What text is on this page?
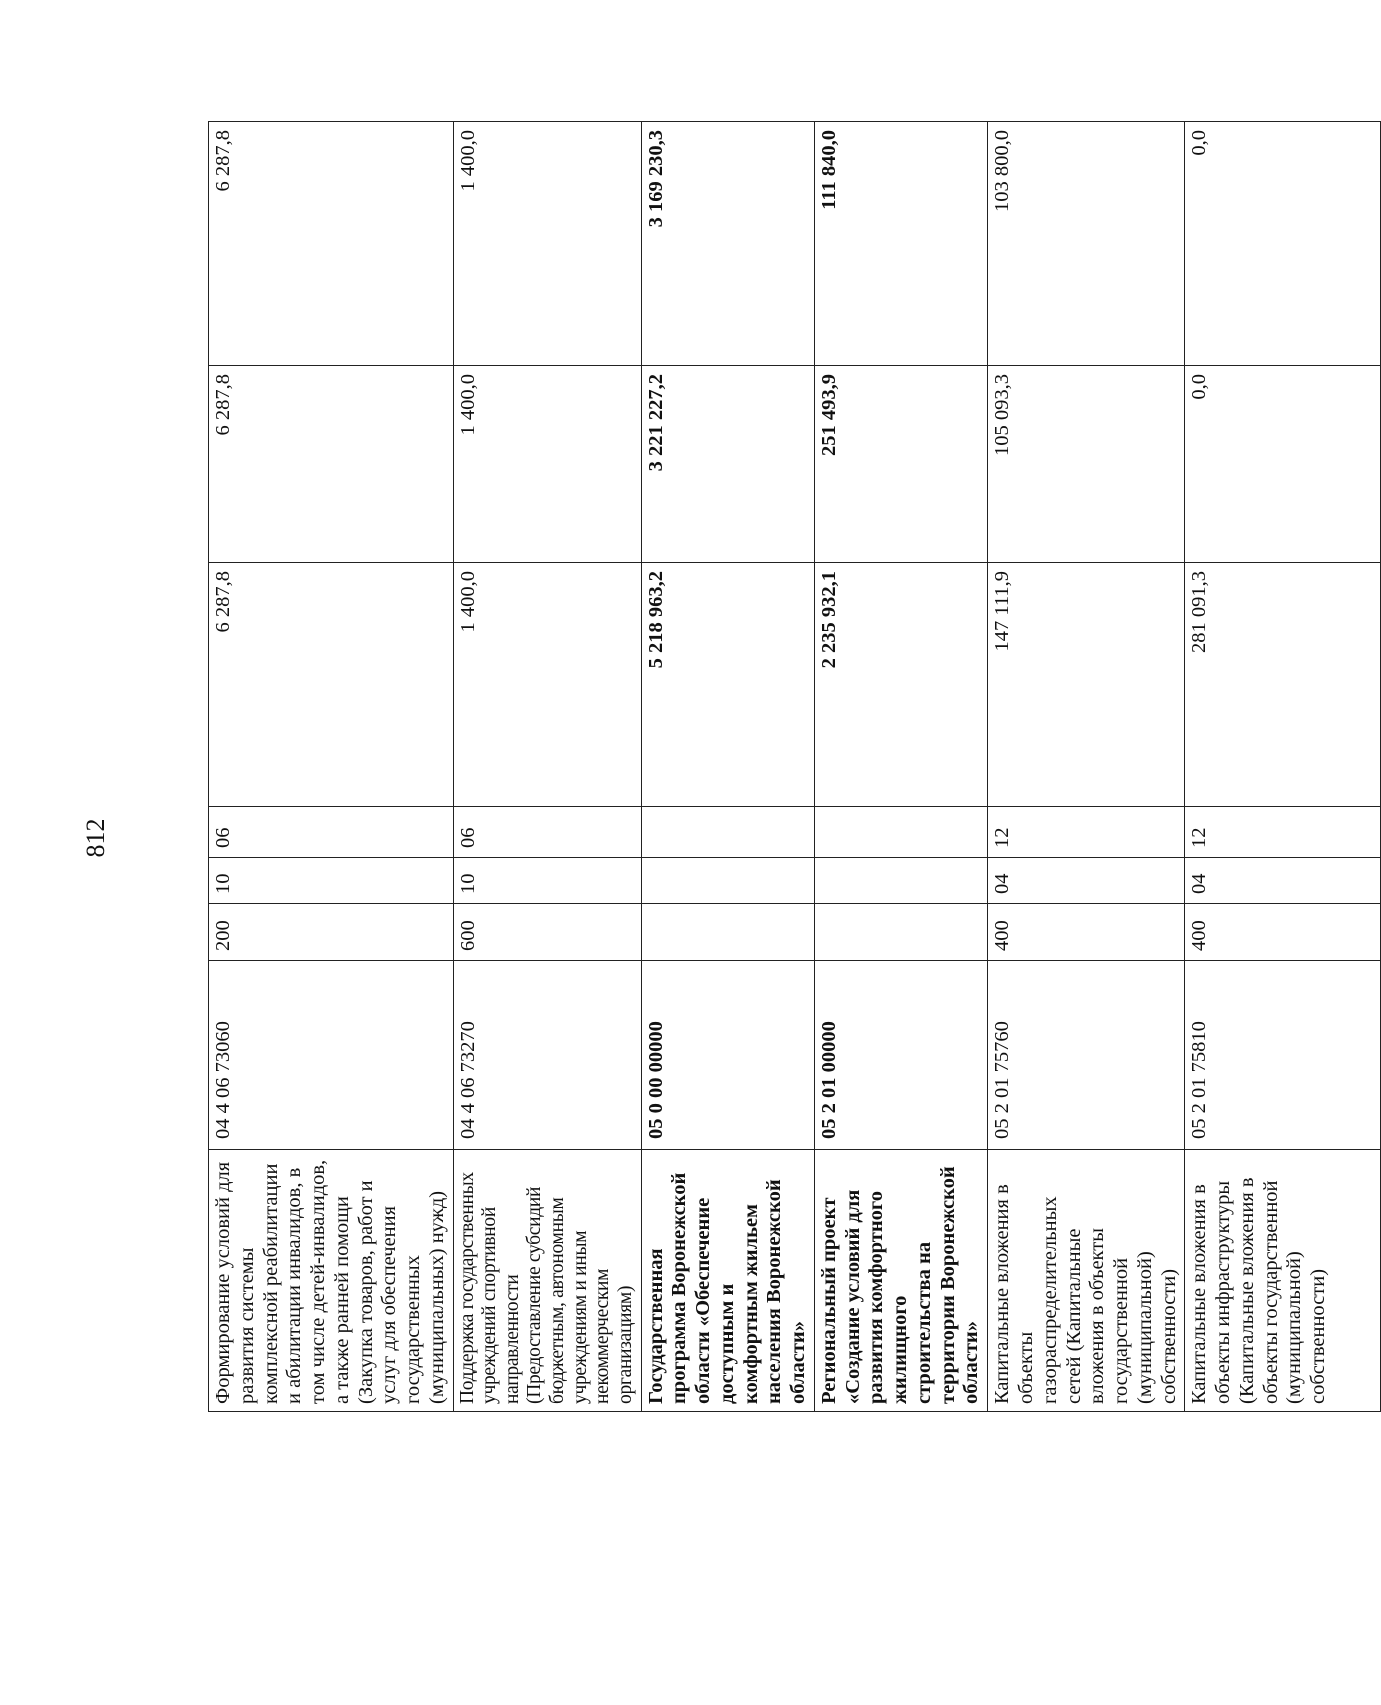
812
Формирование условий для развития системы комплексной реабилитации и абилитации инвалидов, в том числе детей-инвалидов, а также ранней помощи (Закупка товаров, работ и услуг для обеспечения государственных (муниципальных) нужд)	04 4 06 73060	200	10	06	6 287,8	6 287,8	6 287,8
Поддержка государственных учреждений спортивной направленности (Предоставление субсидий бюджетным, автономным учреждениям и иным некоммерческим организациям)	04 4 06 73270	600	10	06	1 400,0	1 400,0	1 400,0
Государственная программа Воронежской области «Обеспечение доступным и комфортным жильем населения Воронежской области»	05 0 00 00000				5 218 963,2	3 221 227,2	3 169 230,3
Региональный проект «Создание условий для развития комфортного жилищного строительства на территории Воронежской области»	05 2 01 00000				2 235 932,1	251 493,9	111 840,0
Капитальные вложения в объекты газораспределительных сетей (Капитальные вложения в объекты государственной (муниципальной) собственности)	05 2 01 75760	400	04	12	147 111,9	105 093,3	103 800,0
Капитальные вложения в объекты инфраструктуры (Капитальные вложения в объекты государственной (муниципальной) собственности)	05 2 01 75810	400	04	12	281 091,3	0,0	0,0
